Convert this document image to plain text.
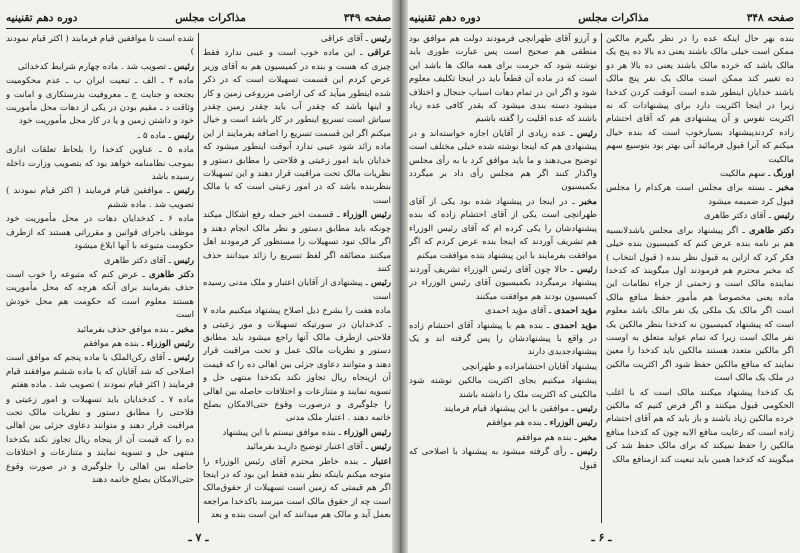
صفحه ۳۴۹
مذاکرات مجلس
دوره دهم تقنینیه

رئیس ـ آقای عراقی

عراقی ـ این ماده خوب است و عیبی ندارد فقط چیزی که هست و بنده در کمیسیون هم به آقای وزیر عرض کردم این قسمت تسهیلات است که در ذکر شده اینطور میآید که کی اراضی مزروعی زمین و کار و اینها باشد که چقدر آب باید چقدر زمین چقدر سیاش است تسریع اینطور در کار باشد است و خیال میکنم اگر این قسمت تسریع را اضافه بفرمایند از این ماده زائد شود عیبی ندارد آنوقت اینطور میشود که خدایان باید امور زعیتی و فلاحتی را مطابق دستور و نظریات مالک تحت مراقبت قرار دهند و این تسهیلات بنظربنده باشد که در امور زعیتی است که با مالک است

رئیس الوزراء ـ قسمت اخیر جمله رفع اشکال میکند چونکه باید مطابق دستور و نظر مالک انجام دهند و اگر مالک تبود تسهیلات را مستظور کر فرمودند اهل میکنند مضائقه اگر لفظ تسریع را زائد میدانند حذف کنند

رئیس ـ پیشنهادی از آقایان اعتبار و ملک مدنی رسیده است

ماده هفت را بشرح ذیل اصلاح پیشنهاد میکنیم ماده ۷ ـ کدخدایان در سورتیکه تسهیلات و مور زعیتی و فلاحتی ازطرف مالک آنها راجع میشود باید مطابق دستور و نظریات مالک عمل و تحت مراقبت قرار دهند و متوانند دعاوی جزئی بین اهالی ده را که قیمت آن ازپنجاه ریال تجاوز نکند بکدخدا منتهی حل و تسویه نمایند و متنازعات و اختلافات حاصله بین اهالی را جلوگیری و درصورت وقوع حتی‌الامکان بصلح خاتمه دهند . اعتبار ملک مدنی

رئیس الوزراء ـ بنده موافق نیستم با این پیشنهاد

رئیس ـ آقای اعتبار توضیح داریـد بفرمائید

اعتبار ـ بنده خاطر محترم آقای رئیس الوزراء را متوجه میکنم باینکه نظر بنده فقط این بود که در اینجا اگر هم قیمتی که زمین است تسهیلات از حقوق‌مالک است چه از حقوق مالک است میرسد باکدخدا مراجعه بعمل آید و مالک هم میدانند که این است بنده و بعد

شده است تا موافقین قیام فرمایند ( اکثر قیام نمودند )

رئیس ـ تصویب شد . ماده چهارم شرایط کدخدائی

ماده ۴ ـ الف ـ تبعیت ایران ب ـ عدم محکومیت بجنحه و جنایت ج ـ معروفیت بدرستکاری و امانت و وثاقت د ـ مقیم بودن در یکی از دهات محل مأموریت خود و داشتن زمین و یا در کار محل مأموریت خود

رئیس ـ ماده ۵ ـ

ماده ۵ ـ عناوین کدخدا را بلحاظ تعلقات اداری بموجب نظامنامه خواهد بود که بتصویب وزارت داخله رسیده باشد

رئیس ـ موافقین قیام فرمایند ( اکثر قیام نمودند ) تصویب شد . ماده ششم

ماده ۶ ـ کدخدایان دهات در محل مأموریت خود موظف باجرای قوانین و مقرراتی هستند که ازطرف حکومت متبوعه با آنها ابلاغ میشود

رئیس ـ آقای دکتر طاهری

دکتر طاهری ـ عرض کنم که متبوعه را خوب است حذف بفرمایند برای آنکه هرچه که محل مأموریت هستند معلوم است که حکومت هم محل خودش است

مخبر ـ بنده موافق حذف بفرمائید

رئیس الوزراء ـ بنده هم موافقم

رئیس ـ آقای رکن‌الملک با ماده پنجم که موافق است اصلاحی که شد آقایان که با ماده ششم موافقند قیام فرمایند ( اکثر قیام نمودند ) تصویب شد . ماده هفتم

ماده ۷ ـ کدخدایان باید تسهیلات و امور زعیتی و فلاحتی را مطابق دستور و نظریات مالک تحت مراقبت قرار دهند و متوانند دعاوی جزئی بین اهالی ده را که قیمت آن از پنجاه ریال تجاوز نکند بکدخدا منتهی حل و تسویه نمایند و متنازعات و اختلافات حاصله بین اهالی را جلوگیری و در صورت وقوع حتی‌الامکان بصلح خاتمه دهند

ـ ۷ ـ
صفحه ۳۴۸
مذاکرات مجلس
دوره دهم تقنینیه

بنده بهر حال اینکه عده را در نظر بگیرم مالکین ممکن است خیلی مالک باشند یعنی ده بالا ده پنج یک مالک باشد که خرده مالک باشند یعنی ده بالا هر دو ده تغییر کند ممکن است مالک یک نفر پنج مالک باشند خدایان اینطور شده است آنوقت کردن کدخدا زیرا در اینجا اکثریت دارد برای پیشنهادات که نه اکثریت نفوس و آن پیشنهادی هم که آقای احتشام زاده کردندپیشنهاد بسیارخوب است که بنده خیال میکنم که آنرا قبول فرمائید آنی بهتر بود بتوسیع سهم مالکیت

اورنگ ـ سهم مالکیت

مخبر ـ بسته برای مجلس است هرکدام را مجلس قبول کرد ضمیمه میشود

رئیس ـ آقای دکتر طاهری

دکتر طاهری ـ اگر پیشنهاد برای مجلس باشدلابسیه هم بر نامه بنده عرض کنم که کمیسیون بنده خیلی فکر کرد که ازاین به قبول نظر بنده ( قبول انتخاب ) که مخبر محترم هم فرمودند اول میگویند که کدخدا نماینده مالک است و زحمتی از جراء نظامات این ماده یعنی مخصوصا هم مأمور حفظ منافع مالک است اگر مالک یک ملکی یک نفر مالک باشد معلوم است که پیشنهاد کمیسیون نه کدخدا بنظر مالکین یک نفر مالک است زیرا که تمام عواید متعلق به اوست اگر مالکین متعدد هستند مالکین باید کدخدا را معین نمایند که منافع مالکین حفظ شود اگر اکثریت مالکین در ملک یک مالک است

بک کدخدا پیشنهاد میکنند مالک است که با اغلب الحکومی قبول میکنند و اگر فرض کنیم که مالکین خرده مالکین زیاد باشند و باز باید که هم آقای احتشام زاده است که رعایت منافع الابه چون که کدخدا منافع مالکین را حفظ نمیکند که برای مالک حفظ شد کی میگویند که کدخدا همین باید تبعیت کند ازمنافع مالک

و آرزو آقای طهرانچی فرمودند دولت هم موافق بود منطقی هم صحیح است پس عبارت طوری باید نوشته شود که حرمت برای همه مالک ها باشد این است که در ماده آن قطعاً باید در اینجا تکلیف معلوم شود و اگر این در تمام دهات اسباب جنجال و اختلاف میشود دسته بندی میشود که بقدر کافی عده زیاد باشند که عده اقلیت را گفته باشیم

رئیس ـ عده زیادی از آقایان اجازه خواسته‌اند و در پیشنهادی هم که اینجا نوشته شده خیلی مختلف است توضیح می‌دهند و ما باید موافق کرد با به رأی مجلس واگذار کنند اگر هم مجلس رأی داد بر میگردد بکمیسیون

مخبر ـ در اینجا در پیشنهاد شده بود یکی از آقای طهرانچی است یکی از آقای احتشام زاده که بنده پیشنهادشان را یکی کرده ام که آقای رئیس الوزراء هم تشریف آوردند که اینجا بنده عرض کردم که اگر موافقت بفرمایند با این پیشنهاد بنده موافقت میکنم

رئیس ـ حالا چون آقای رئیس الوزراء تشریف آوردند پیشنهاد برمیگردد بکمیسیون آقای رئیس الوزراء در کمیسیون بودند هم موافقت میکنند

مؤید احمدی ـ آقای مؤید احمدی

مؤید احمدی ـ بنده هم با پیشنهاد آقای احتشام زاده در واقع با پیشنهادشان را پس گرفته اند و یک پیشنهادجدیدی دارند

پیشنهاد آقایان احتشامزاده و طهرانچی

پیشنهاد میکنیم بجای اکثریت مالکین نوشته شود مالکینی که اکثریت ملک را داشته باشند

رئیس ـ موافقین با این پیشنهاد قیام فرمایند

رئیس الوزراء ـ بنده هم موافقم

مخبر ـ بنده هم موافقم

رئیس ـ رأی گرفته میشود به پیشنهاد با اصلاحی که قبول

ـ ۶ ـ
